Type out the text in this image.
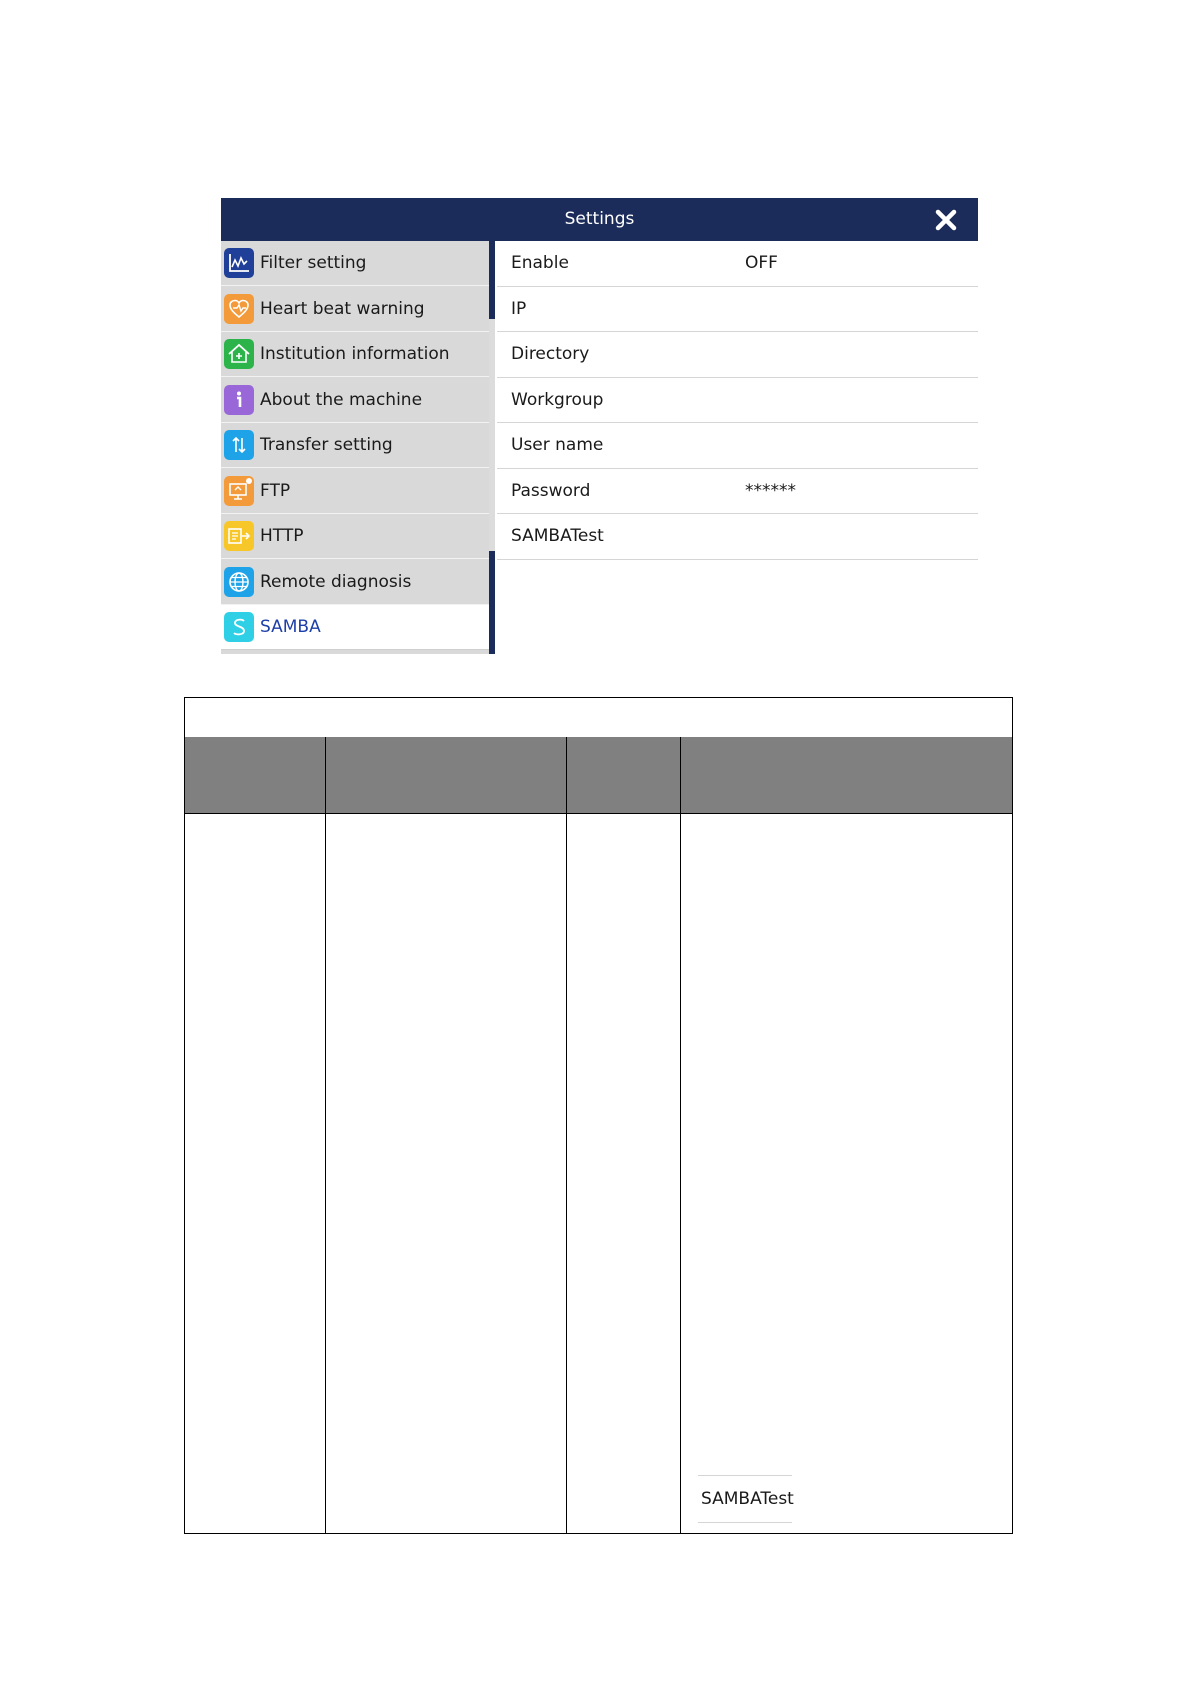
Settings
Filter setting
Heart beat warning
Institution information
About the machine
Transfer setting
FTP
HTTP
Remote diagnosis
SAMBA
Enable	OFF
IP
Directory
Workgroup
User name
Password	******
SAMBATest
SAMBATest
